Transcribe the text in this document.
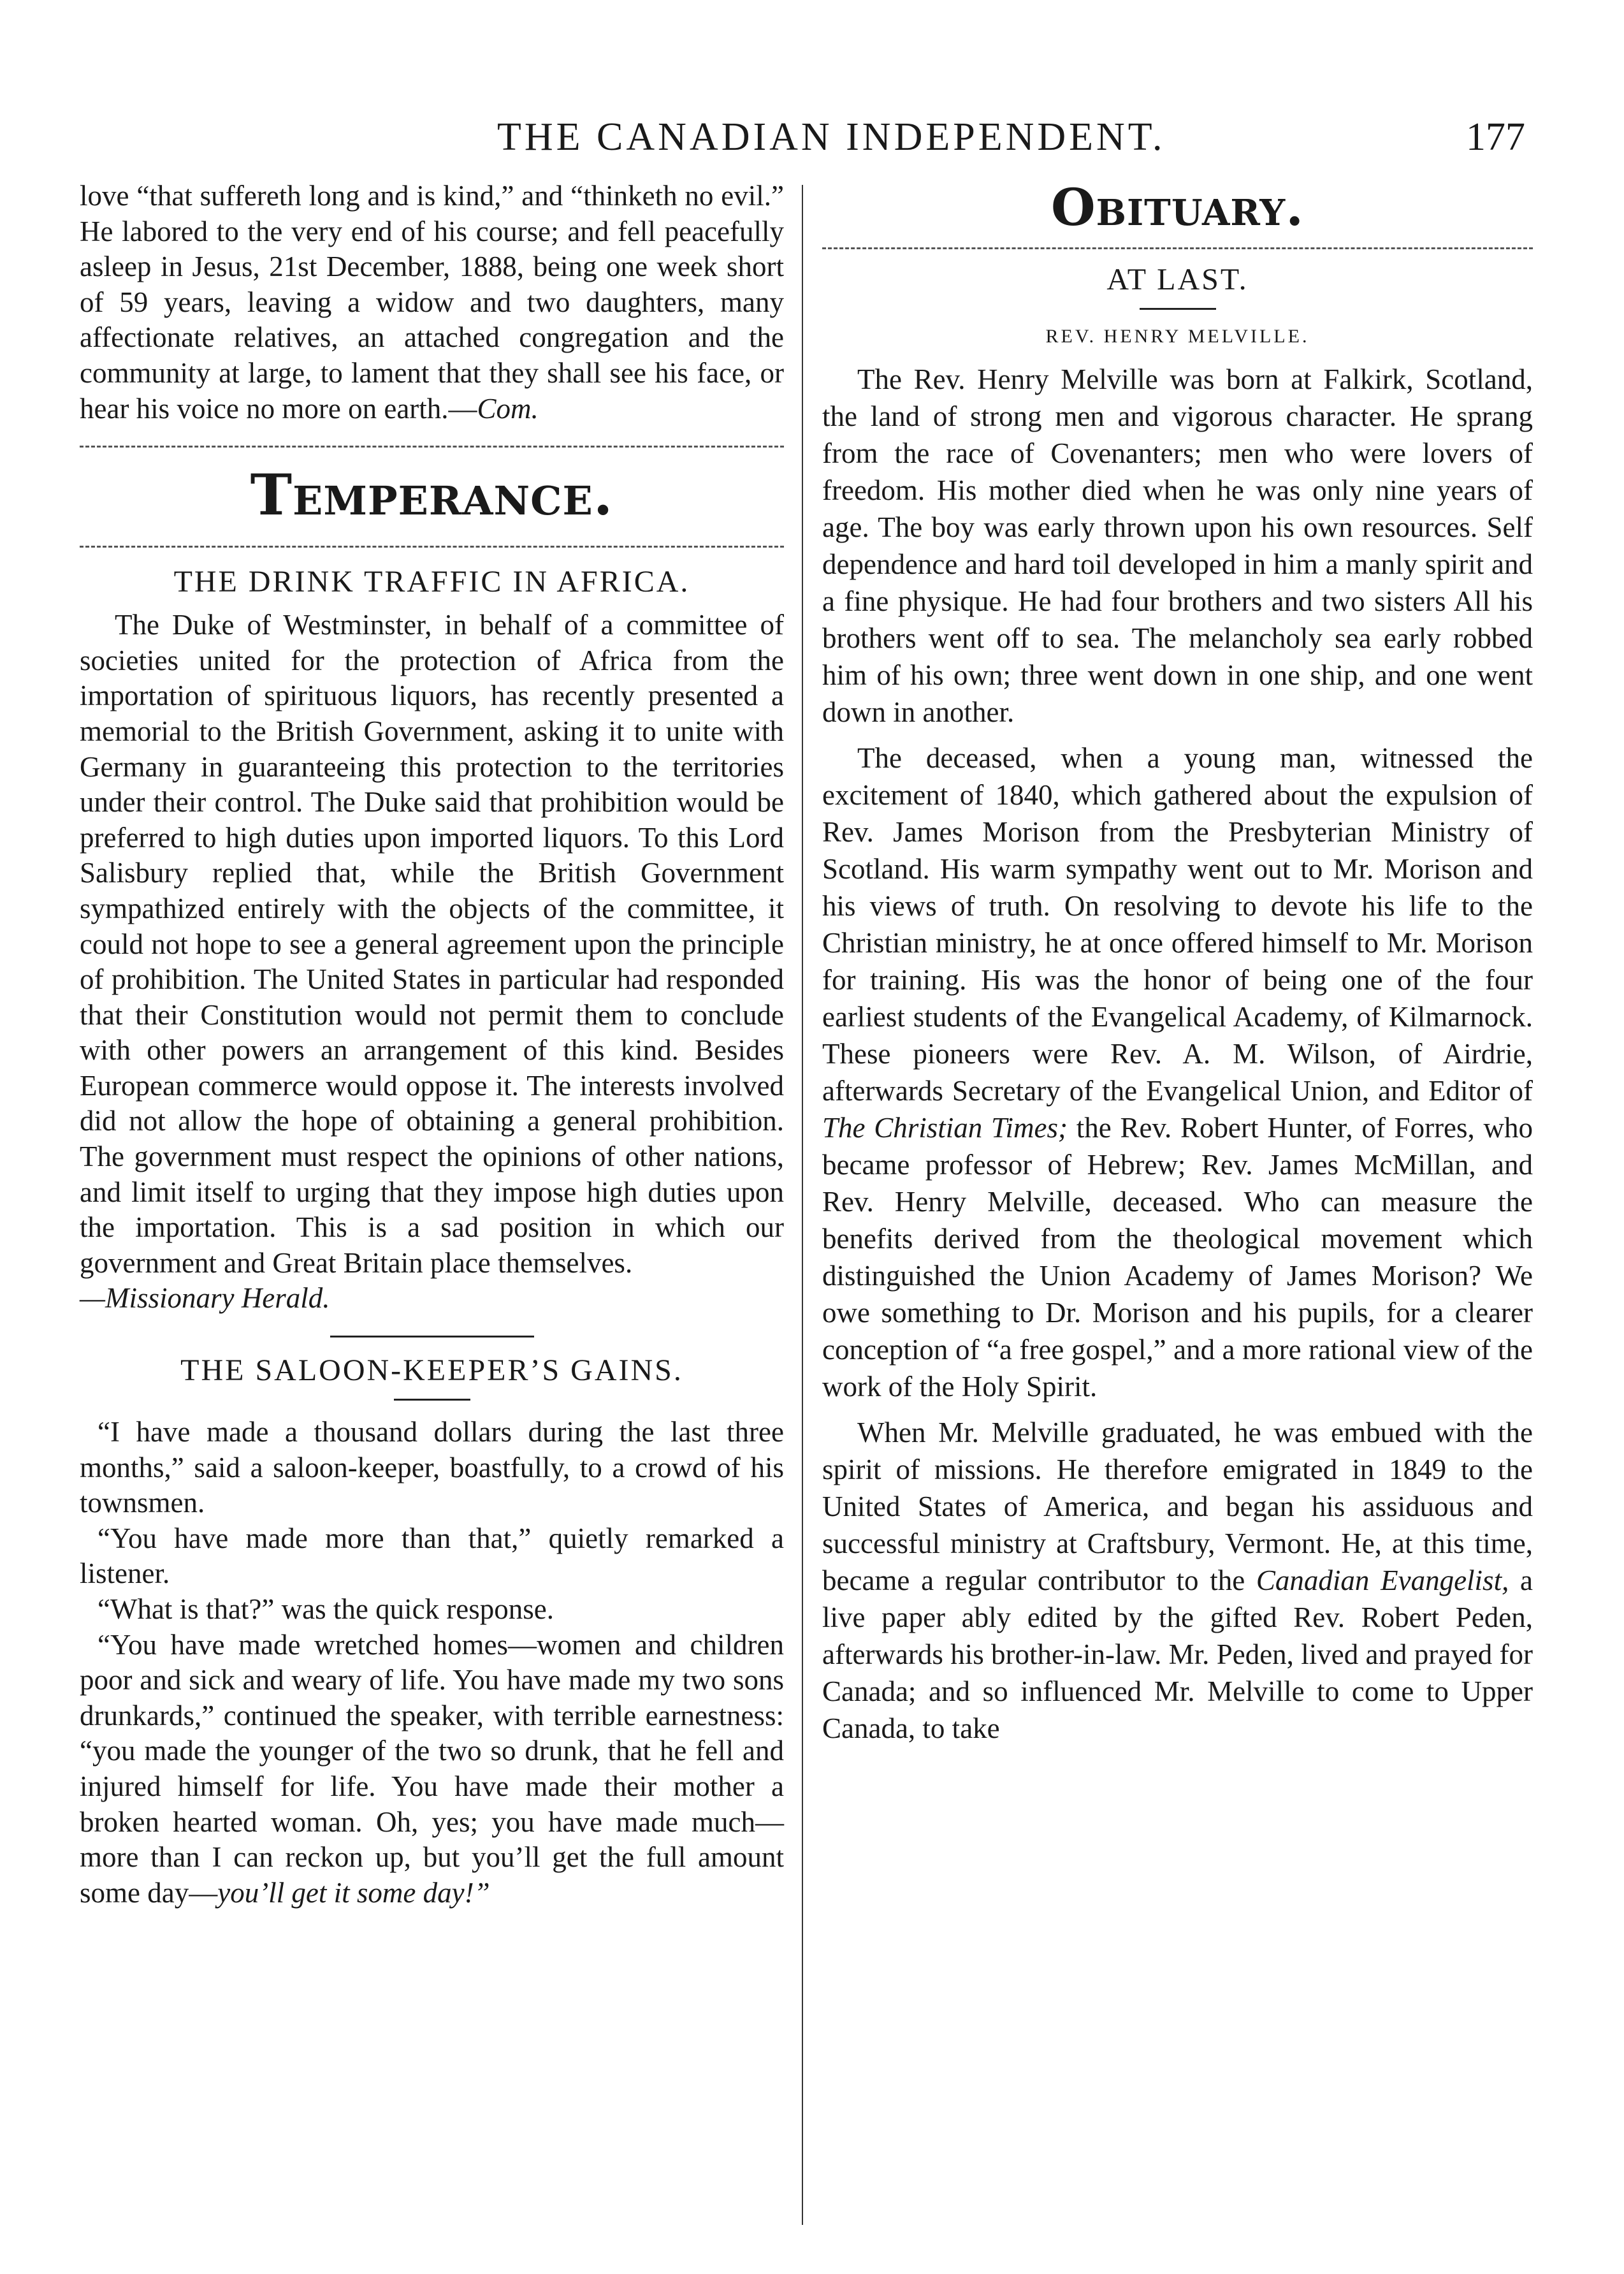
THE CANADIAN INDEPENDENT.	177

love “that suffereth long and is kind,” and “thinketh no evil.” He labored to the very end of his course; and fell peacefully asleep in Jesus, 21st December, 1888, being one week short of 59 years, leaving a widow and two daughters, many affectionate relatives, an attached congregation and the community at large, to lament that they shall see his face, or hear his voice no more on earth.—Com.

Temperance.
THE DRINK TRAFFIC IN AFRICA.

The Duke of Westminster, in behalf of a committee of societies united for the protection of Africa from the importation of spirituous liquors, has recently presented a memorial to the British Government, asking it to unite with Germany in guaranteeing this protection to the territories under their control. The Duke said that prohibition would be preferred to high duties upon imported liquors. To this Lord Salisbury replied that, while the British Government sympathized entirely with the objects of the committee, it could not hope to see a general agreement upon the principle of prohibition. The United States in particular had responded that their Constitution would not permit them to conclude with other powers an arrangement of this kind. Besides European commerce would oppose it. The interests involved did not allow the hope of obtaining a general prohibition. The government must respect the opinions of other nations, and limit itself to urging that they impose high duties upon the importation. This is a sad position in which our government and Great Britain place themselves.

—Missionary Herald.

THE SALOON-KEEPER’S GAINS.

“I have made a thousand dollars during the last three months,” said a saloon-keeper, boastfully, to a crowd of his townsmen.

“You have made more than that,” quietly remarked a listener.

“What is that?” was the quick response.

“You have made wretched homes—women and children poor and sick and weary of life. You have made my two sons drunkards,” continued the speaker, with terrible earnestness: “you made the younger of the two so drunk, that he fell and injured himself for life. You have made their mother a broken hearted woman. Oh, yes; you have made much—more than I can reckon up, but you’ll get the full amount some day—you’ll get it some day!”

Obituary.
AT LAST.
REV. HENRY MELVILLE.

The Rev. Henry Melville was born at Falkirk, Scotland, the land of strong men and vigorous character. He sprang from the race of Covenanters; men who were lovers of freedom. His mother died when he was only nine years of age. The boy was early thrown upon his own resources. Self dependence and hard toil developed in him a manly spirit and a fine physique. He had four brothers and two sisters All his brothers went off to sea. The melancholy sea early robbed him of his own; three went down in one ship, and one went down in another.

The deceased, when a young man, witnessed the excitement of 1840, which gathered about the expulsion of Rev. James Morison from the Presbyterian Ministry of Scotland. His warm sympathy went out to Mr. Morison and his views of truth. On resolving to devote his life to the Christian ministry, he at once offered himself to Mr. Morison for training. His was the honor of being one of the four earliest students of the Evangelical Academy, of Kilmarnock. These pioneers were Rev. A. M. Wilson, of Airdrie, afterwards Secretary of the Evangelical Union, and Editor of The Christian Times; the Rev. Robert Hunter, of Forres, who became professor of Hebrew; Rev. James McMillan, and Rev. Henry Melville, deceased. Who can measure the benefits derived from the theological movement which distinguished the Union Academy of James Morison? We owe something to Dr. Morison and his pupils, for a clearer conception of “a free gospel,” and a more rational view of the work of the Holy Spirit.

When Mr. Melville graduated, he was embued with the spirit of missions. He therefore emigrated in 1849 to the United States of America, and began his assiduous and successful ministry at Craftsbury, Vermont. He, at this time, became a regular contributor to the Canadian Evangelist, a live paper ably edited by the gifted Rev. Robert Peden, afterwards his brother-in-law. Mr. Peden, lived and prayed for Canada; and so influenced Mr. Melville to come to Upper Canada, to take
